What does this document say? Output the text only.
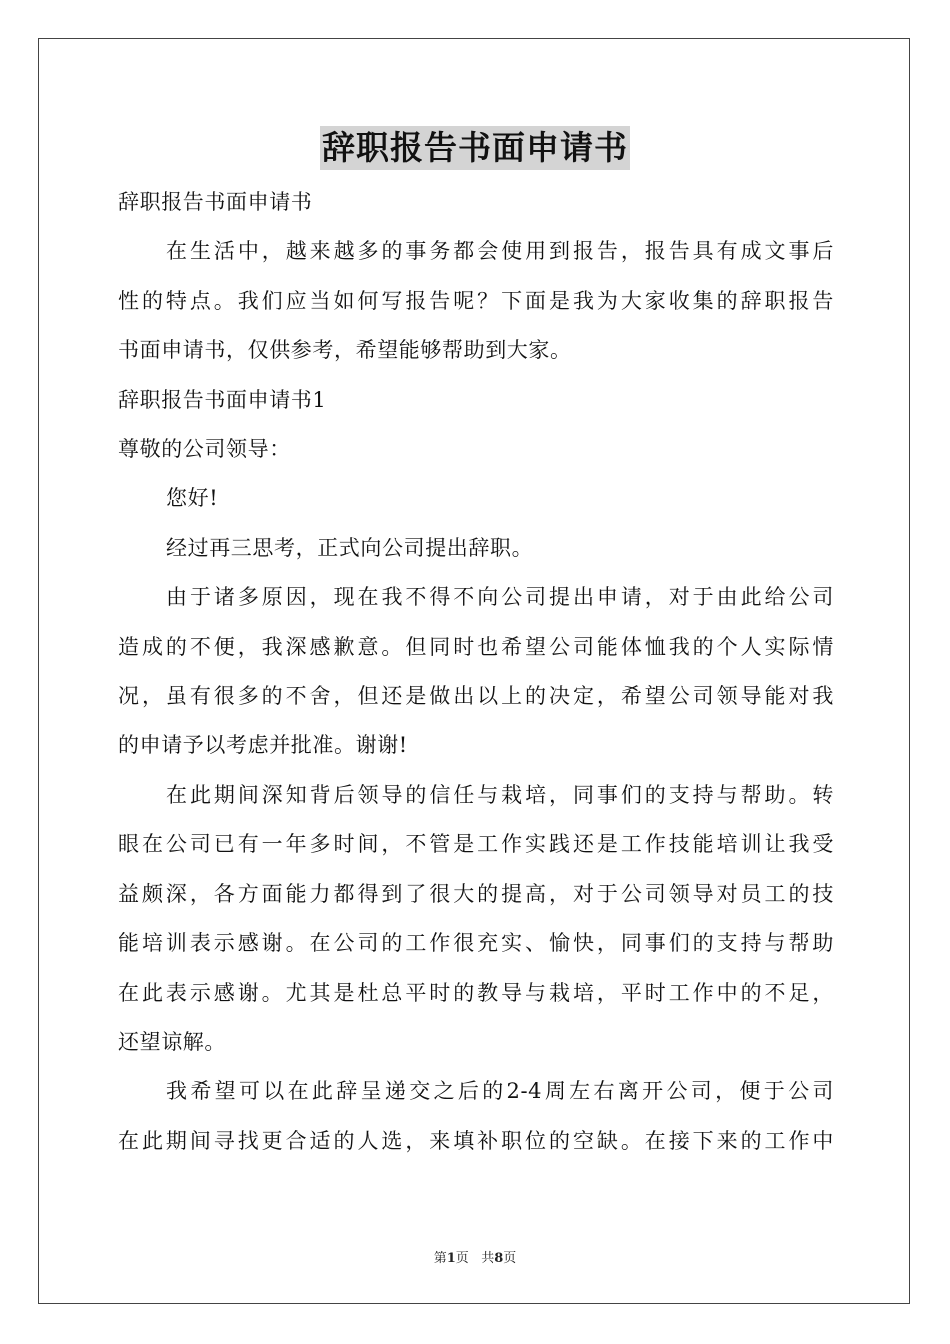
辞职报告书面申请书

辞职报告书面申请书

在生活中，越来越多的事务都会使用到报告，报告具有成文事后

性的特点。我们应当如何写报告呢？下面是我为大家收集的辞职报告

书面申请书，仅供参考，希望能够帮助到大家。

辞职报告书面申请书1

尊敬的公司领导：

您好!

经过再三思考，正式向公司提出辞职。

由于诸多原因，现在我不得不向公司提出申请，对于由此给公司

造成的不便，我深感歉意。但同时也希望公司能体恤我的个人实际情

况，虽有很多的不舍，但还是做出以上的决定，希望公司领导能对我

的申请予以考虑并批准。谢谢!

在此期间深知背后领导的信任与栽培，同事们的支持与帮助。转

眼在公司已有一年多时间，不管是工作实践还是工作技能培训让我受

益颇深，各方面能力都得到了很大的提高，对于公司领导对员工的技

能培训表示感谢。在公司的工作很充实、愉快，同事们的支持与帮助

在此表示感谢。尤其是杜总平时的教导与栽培，平时工作中的不足，

还望谅解。

我希望可以在此辞呈递交之后的2-4周左右离开公司，便于公司

在此期间寻找更合适的人选，来填补职位的空缺。在接下来的工作中

第1页 共8页
